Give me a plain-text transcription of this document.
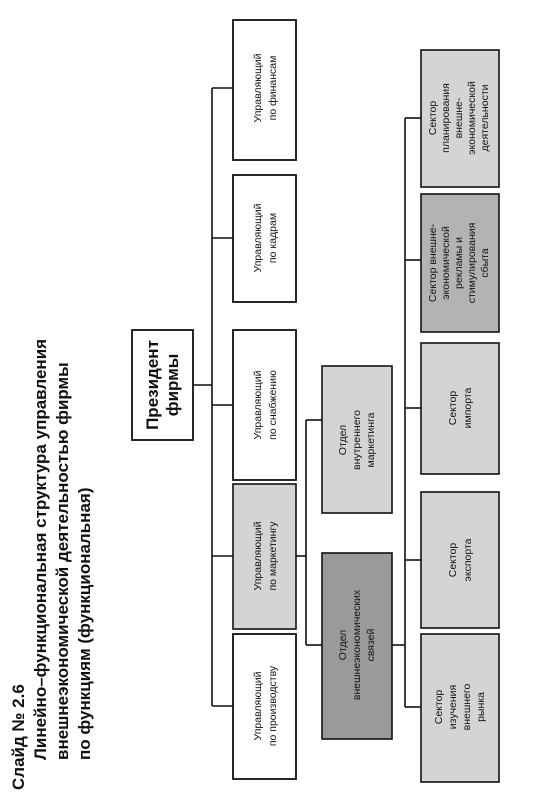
Слайд № 2.6 Линейно–функциональная структура управления внешнеэкономической деятельностью фирмы по функциям (функциональная)
Президент фирмы
Управляющий по производству
Управляющий по маркетингу
Управляющий по снабжению
Управляющий по кадрам
Управляющий по финансам
Отдел внешнеэкономических связей
Отдел внутреннего маркетинга
Сектор изучения внешнего рынка
Сектор экспорта
Сектор импорта
Сектор внешне- экономической рекламы и стимулирования сбыта
Сектор планирования внешне- экономической деятельности
